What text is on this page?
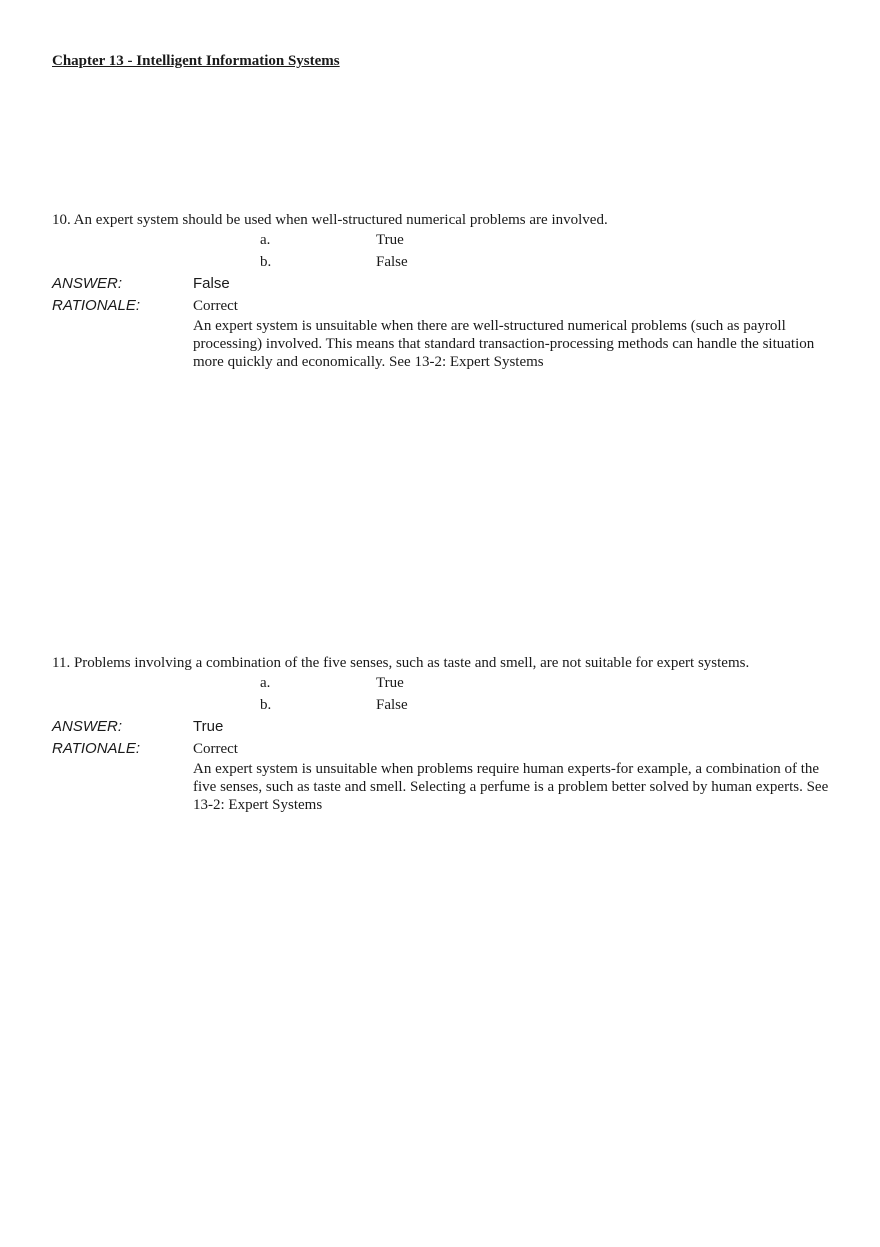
Chapter 13 - Intelligent Information Systems
10. An expert system should be used when well-structured numerical problems are involved.
a.	True
b.	False
ANSWER:	False
RATIONALE:	Correct
An expert system is unsuitable when there are well-structured numerical problems (such as payroll processing) involved. This means that standard transaction-processing methods can handle the situation more quickly and economically. See 13-2: Expert Systems
11. Problems involving a combination of the five senses, such as taste and smell, are not suitable for expert systems.
a.	True
b.	False
ANSWER:	True
RATIONALE:	Correct
An expert system is unsuitable when problems require human experts-for example, a combination of the five senses, such as taste and smell. Selecting a perfume is a problem better solved by human experts. See 13-2: Expert Systems
